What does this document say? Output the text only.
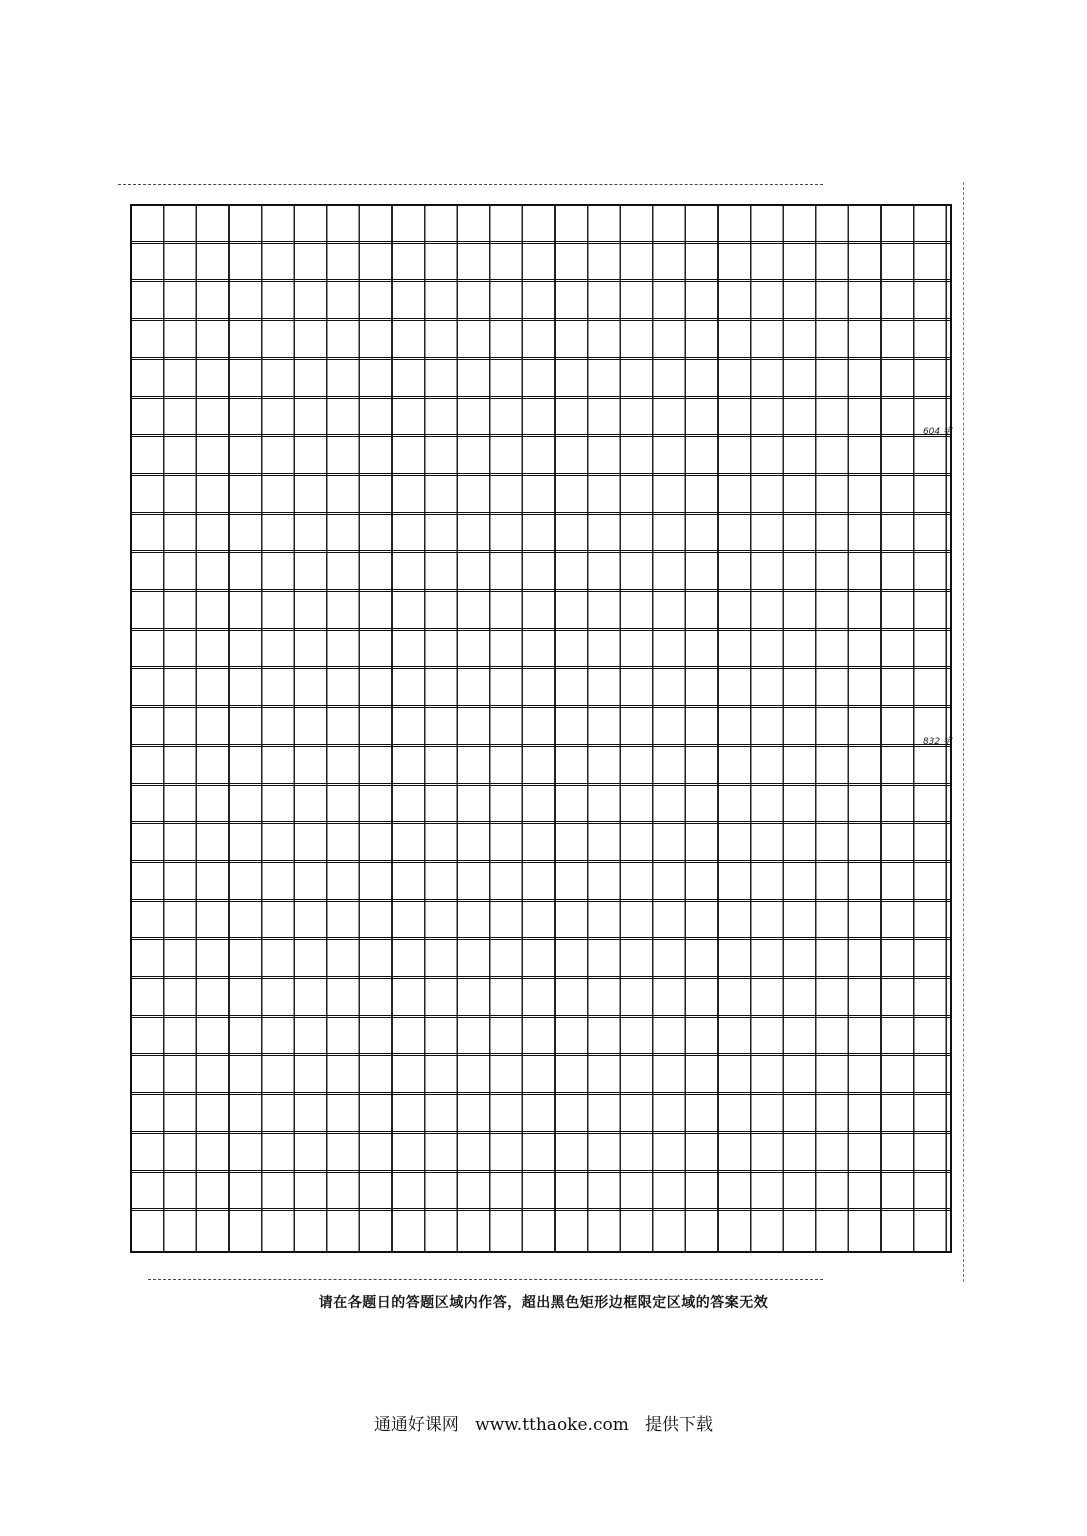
604 字
832 字
请在各题日的答题区域内作答，超出黑色矩形边框限定区域的答案无效
通通好课网 www.tthaoke.com 提供下载
